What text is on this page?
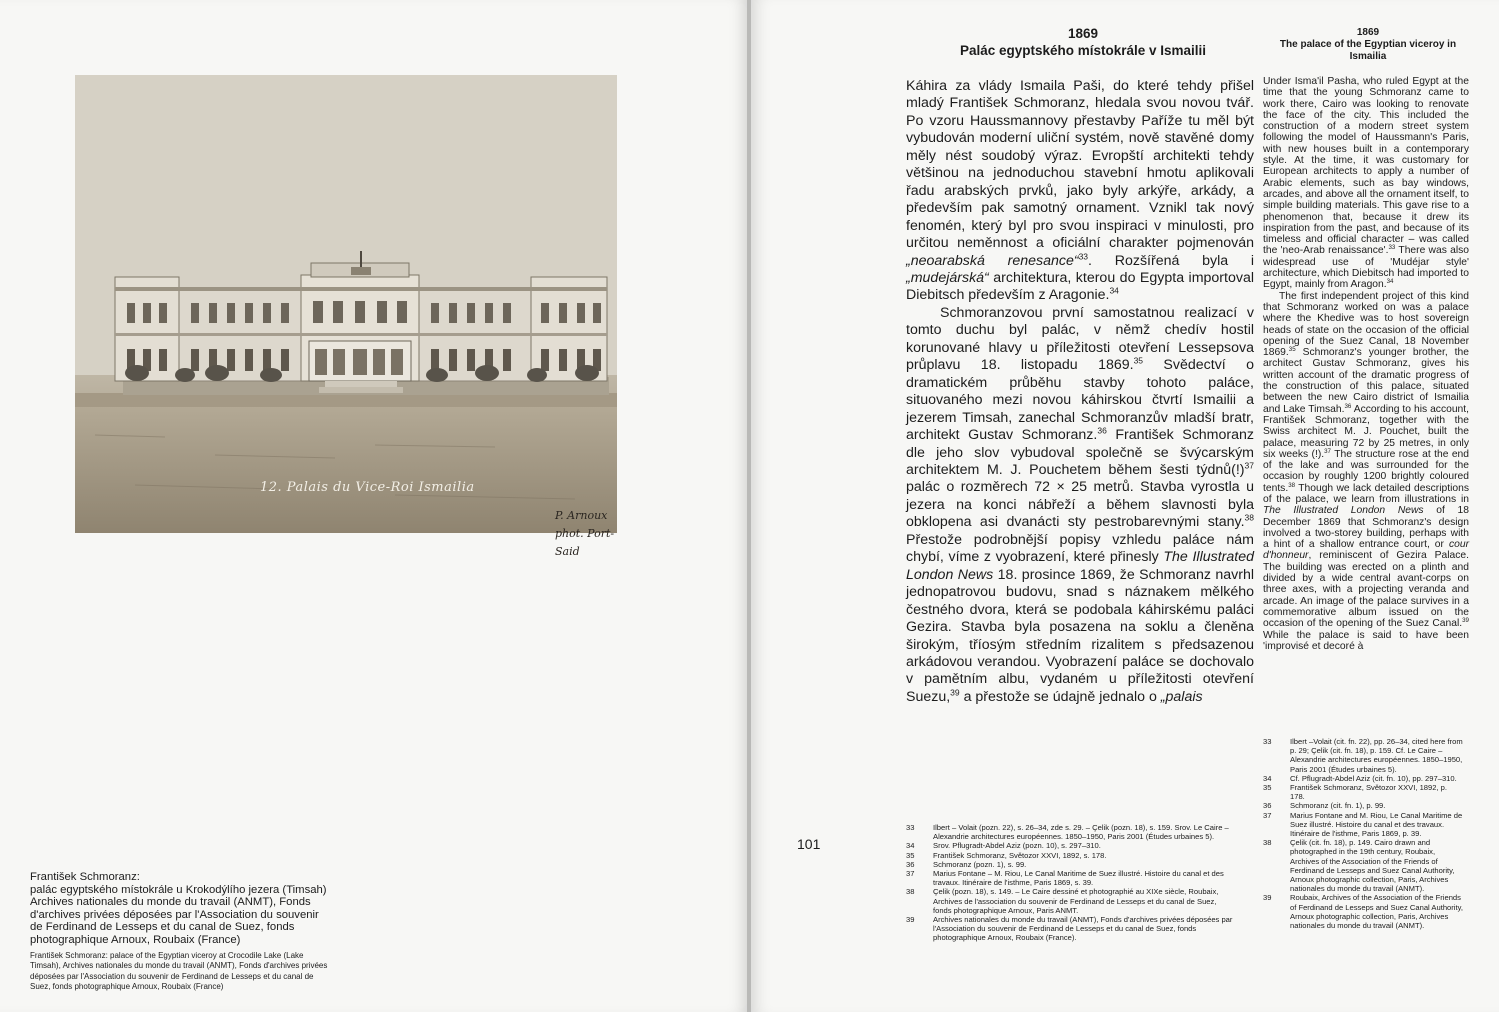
12. Palais du Vice-Roi Ismailia
P. Arnoux phot. Port-Said

František Schmoranz:

palác egyptského místokrále u Krokodýlího jezera (Timsah)

Archives nationales du monde du travail (ANMT), Fonds

d'archives privées déposées par l'Association du souvenir

de Ferdinand de Lesseps et du canal de Suez, fonds

photographique Arnoux, Roubaix (France)

František Schmoranz: palace of the Egyptian viceroy at Crocodile Lake (Lake Timsah), Archives nationales du monde du travail (ANMT), Fonds d'archives privées déposées par l'Association du souvenir de Ferdinand de Lesseps et du canal de Suez, fonds photographique Arnoux, Roubaix (France)
101
1869
Palác egyptského místokrále v Ismailii
1869
The palace of the Egyptian viceroy in Ismailia

Káhira za vlády Ismaila Paši, do které tehdy přišel mladý František Schmoranz, hledala svou novou tvář. Po vzoru Haussmannovy přestavby Paříže tu měl být vybudován moderní uliční systém, nově stavěné domy měly nést soudobý výraz. Evropští architekti tehdy většinou na jednoduchou stavební hmotu aplikovali řadu arabských prvků, jako byly arkýře, arkády, a především pak samotný ornament. Vznikl tak nový fenomén, který byl pro svou inspiraci v minulosti, pro určitou neměnnost a oficiální charakter pojmenován „neoarabská renesance“$^{33}$. Rozšířená byla i „mudejárská“ architektura, kterou do Egypta importoval Diebitsch především z Aragonie.$^{34}$

Schmoranzovou první samostatnou realizací v tomto duchu byl palác, v němž chedív hostil korunované hlavy u příležitosti otevření Lessepsova průplavu 18. listopadu 1869.35 Svědectví o dramatickém průběhu stavby tohoto paláce, situovaného mezi novou káhirskou čtvrtí Ismailii a jezerem Timsah, zanechal Schmoranzův mladší bratr, architekt Gustav Schmoranz.$^{36}$ František Schmoranz dle jeho slov vybudoval společně se švýcarským architektem M. J. Pouchetem během šesti týdnů(!)$^{37}$ palác o rozměrech 72 × 25 metrů. Stavba vyrostla u jezera na konci nábřeží a během slavnosti byla obklopena asi dvanácti sty pestrobarevnými stany.$^{38}$ Přestože podrobnější popisy vzhledu paláce nám chybí, víme z vyobrazení, které přinesly The Illustrated London News 18. prosince 1869, že Schmoranz navrhl jednopatrovou budovu, snad s náznakem mělkého čestného dvora, která se podobala káhirskému paláci Gezira. Stavba byla posazena na soklu a členěna širokým, tříosým středním rizalitem s předsazenou arkádovou verandou. Vyobrazení paláce se dochovalo v pamětním albu, vydaném u příležitosti otevření Suezu,$^{39}$ a přestože se údajně jednalo o „palais

Under Isma'il Pasha, who ruled Egypt at the time that the young Schmoranz came to work there, Cairo was looking to renovate the face of the city. This included the construction of a modern street system following the model of Haussmann's Paris, with new houses built in a contemporary style. At the time, it was customary for European architects to apply a number of Arabic elements, such as bay windows, arcades, and above all the ornament itself, to simple building materials. This gave rise to a phenomenon that, because it drew its inspiration from the past, and because of its timeless and official character – was called the 'neo-Arab renaissance'.$^{33}$ There was also widespread use of 'Mudéjar style' architecture, which Diebitsch had imported to Egypt, mainly from Aragon.$^{34}$

The first independent project of this kind that Schmoranz worked on was a palace where the Khedive was to host sovereign heads of state on the occasion of the official opening of the Suez Canal, 18 November 1869.35 Schmoranz's younger brother, the architect Gustav Schmoranz, gives his written account of the dramatic progress of the construction of this palace, situated between the new Cairo district of Ismailia and Lake Timsah.$^{36}$ According to his account, František Schmoranz, together with the Swiss architect M. J. Pouchet, built the palace, measuring 72 by 25 metres, in only six weeks (!).$^{37}$ The structure rose at the end of the lake and was surrounded for the occasion by roughly 1200 brightly coloured tents.$^{38}$ Though we lack detailed descriptions of the palace, we learn from illustrations in The Illustrated London News of 18 December 1869 that Schmoranz's design involved a two-storey building, perhaps with a hint of a shallow entrance court, or cour d'honneur, reminiscent of Gezira Palace. The building was erected on a plinth and divided by a wide central avant-corps on three axes, with a projecting veranda and arcade. An image of the palace survives in a commemorative album issued on the occasion of the opening of the Suez Canal.$^{39}$ While the palace is said to have been 'improvisé et decoré à

33	Ilbert –Volait (cit. fn. 22), pp. 26–34, cited here from p. 29; Çelik (cit. fn. 18), p. 159. Cf. Le Caire – Alexandrie architectures européennes. 1850–1950, Paris 2001 (Études urbaines 5).
34	Cf. Pflugradt-Abdel Aziz (cit. fn. 10), pp. 297–310.
35	František Schmoranz, Světozor XXVI, 1892, p. 178.
36	Schmoranz (cit. fn. 1), p. 99.
37	Marius Fontane and M. Riou, Le Canal Maritime de Suez illustré. Histoire du canal et des travaux. Itinéraire de l'isthme, Paris 1869, p. 39.
38	Çelik (cit. fn. 18), p. 149. Cairo drawn and photographed in the 19th century, Roubaix, Archives of the Association of the Friends of Ferdinand de Lesseps and Suez Canal Authority, Arnoux photographic collection, Paris, Archives nationales du monde du travail (ANMT).
39	Roubaix, Archives of the Association of the Friends of Ferdinand de Lesseps and Suez Canal Authority, Arnoux photographic collection, Paris, Archives nationales du monde du travail (ANMT).
33	Ilbert – Volait (pozn. 22), s. 26–34, zde s. 29. – Çelik (pozn. 18), s. 159. Srov. Le Caire – Alexandrie architectures européennes. 1850–1950, Paris 2001 (Études urbaines 5).
34	Srov. Pflugradt-Abdel Aziz (pozn. 10), s. 297–310.
35	František Schmoranz, Světozor XXVI, 1892, s. 178.
36	Schmoranz (pozn. 1), s. 99.
37	Marius Fontane – M. Riou, Le Canal Maritime de Suez illustré. Histoire du canal et des travaux. Itinéraire de l'isthme, Paris 1869, s. 39.
38	Çelik (pozn. 18), s. 149. – Le Caire dessiné et photographié au XIXe siècle, Roubaix, Archives de l'association du souvenir de Ferdinand de Lesseps et du canal de Suez, fonds photographique Arnoux, Paris ANMT.
39	Archives nationales du monde du travail (ANMT), Fonds d'archives privées déposées par l'Association du souvenir de Ferdinand de Lesseps et du canal de Suez, fonds photographique Arnoux, Roubaix (France).
